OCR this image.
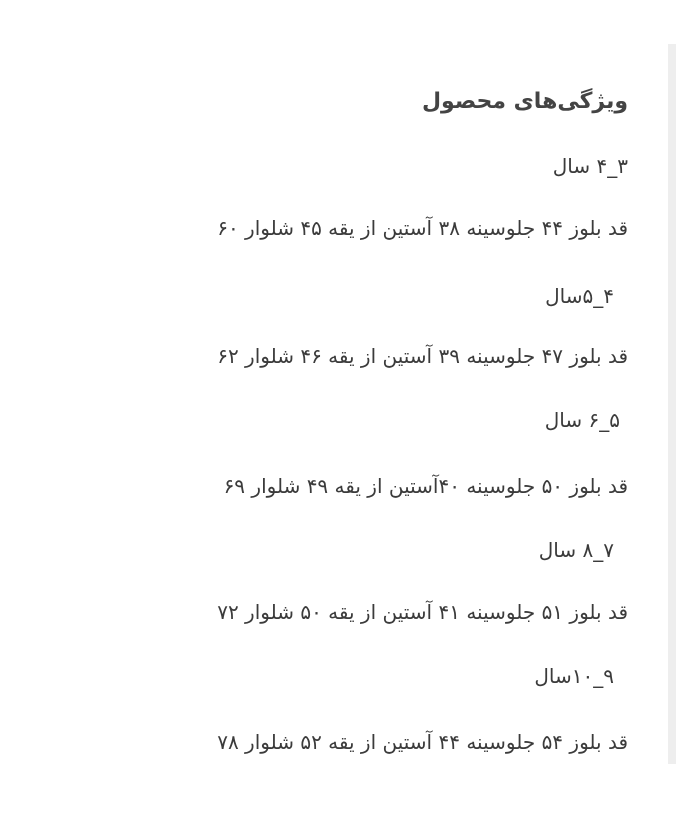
ویژگی‌های محصول
۳_۴ سال
قد بلوز ۴۴ جلوسینه ۳۸ آستین از یقه ۴۵ شلوار ۶۰
۴_۵سال
قد بلوز ۴۷ جلوسینه ۳۹ آستین از یقه ۴۶ شلوار ۶۲
۵_۶ سال
قد بلوز ۵۰ جلوسینه ۴۰آستین از یقه ۴۹ شلوار ۶۹
۷_۸ سال
قد بلوز ۵۱ جلوسینه ۴۱ آستین از یقه ۵۰ شلوار ۷۲
۹_۱۰سال
قد بلوز ۵۴ جلوسینه ۴۴ آستین از یقه ۵۲ شلوار ۷۸
